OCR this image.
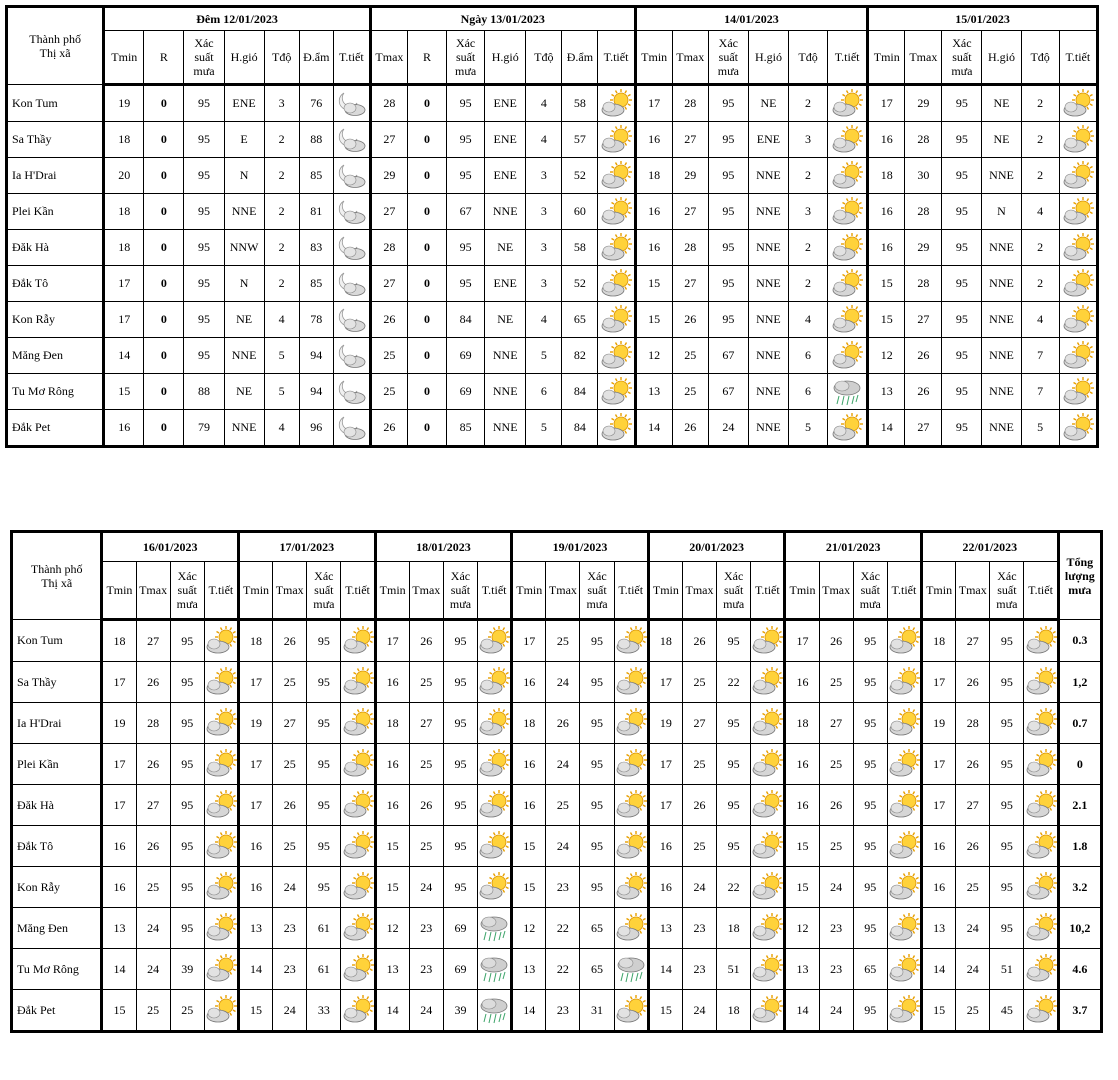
Thành phố
Thị xã	Đêm 12/01/2023							Ngày 13/01/2023							14/01/2023						15/01/2023					
	Tmin	R	Xác
suất
mưa	H.gió	Tđộ	Đ.ẩm	T.tiết	Tmax	R	Xác
suất
mưa	H.gió	Tđộ	Đ.ẩm	T.tiết	Tmin	Tmax	Xác
suất
mưa	H.gió	Tđộ	T.tiết	Tmin	Tmax	Xác
suất
mưa	H.gió	Tđộ	T.tiết
Kon Tum	19	0	95	ENE	3	76		28	0	95	ENE	4	58		17	28	95	NE	2		17	29	95	NE	2	

Sa Thầy	18	0	95	E	2	88		27	0	95	ENE	4	57		16	27	95	ENE	3		16	28	95	NE	2	

Ia H'Drai	20	0	95	N	2	85		29	0	95	ENE	3	52		18	29	95	NNE	2		18	30	95	NNE	2	

Plei Kần	18	0	95	NNE	2	81		27	0	67	NNE	3	60		16	27	95	NNE	3		16	28	95	N	4	

Đăk Hà	18	0	95	NNW	2	83		28	0	95	NE	3	58		16	28	95	NNE	2		16	29	95	NNE	2	

Đắk Tô	17	0	95	N	2	85		27	0	95	ENE	3	52		15	27	95	NNE	2		15	28	95	NNE	2	

Kon Rẫy	17	0	95	NE	4	78		26	0	84	NE	4	65		15	26	95	NNE	4		15	27	95	NNE	4	

Măng Đen	14	0	95	NNE	5	94		25	0	69	NNE	5	82		12	25	67	NNE	6		12	26	95	NNE	7	

Tu Mơ Rông	15	0	88	NE	5	94		25	0	69	NNE	6	84		13	25	67	NNE	6		13	26	95	NNE	7	

Đắk Pet	16	0	79	NNE	4	96		26	0	85	NNE	5	84		14	26	24	NNE	5		14	27	95	NNE	5	
Thành phố
Thị xã	16/01/2023				17/01/2023				18/01/2023				19/01/2023				20/01/2023				21/01/2023				22/01/2023				Tổng
lượng
mưa
	Tmin	Tmax	Xác
suất
mưa	T.tiết	Tmin	Tmax	Xác
suất
mưa	T.tiết	Tmin	Tmax	Xác
suất
mưa	T.tiết	Tmin	Tmax	Xác
suất
mưa	T.tiết	Tmin	Tmax	Xác
suất
mưa	T.tiết	Tmin	Tmax	Xác
suất
mưa	T.tiết	Tmin	Tmax	Xác
suất
mưa	T.tiết	
Kon Tum	18	27	95		18	26	95		17	26	95		17	25	95		18	26	95		17	26	95		18	27	95		0.3
Sa Thầy	17	26	95		17	25	95		16	25	95		16	24	95		17	25	22		16	25	95		17	26	95		1,2
Ia H'Drai	19	28	95		19	27	95		18	27	95		18	26	95		19	27	95		18	27	95		19	28	95		0.7
Plei Kần	17	26	95		17	25	95		16	25	95		16	24	95		17	25	95		16	25	95		17	26	95		0
Đăk Hà	17	27	95		17	26	95		16	26	95		16	25	95		17	26	95		16	26	95		17	27	95		2.1
Đắk Tô	16	26	95		16	25	95		15	25	95		15	24	95		16	25	95		15	25	95		16	26	95		1.8
Kon Rẫy	16	25	95		16	24	95		15	24	95		15	23	95		16	24	22		15	24	95		16	25	95		3.2
Măng Đen	13	24	95		13	23	61		12	23	69		12	22	65		13	23	18		12	23	95		13	24	95		10,2
Tu Mơ Rông	14	24	39		14	23	61		13	23	69		13	22	65		14	23	51		13	23	65		14	24	51		4.6
Đắk Pet	15	25	25		15	24	33		14	24	39		14	23	31		15	24	18		14	24	95		15	25	45		3.7
